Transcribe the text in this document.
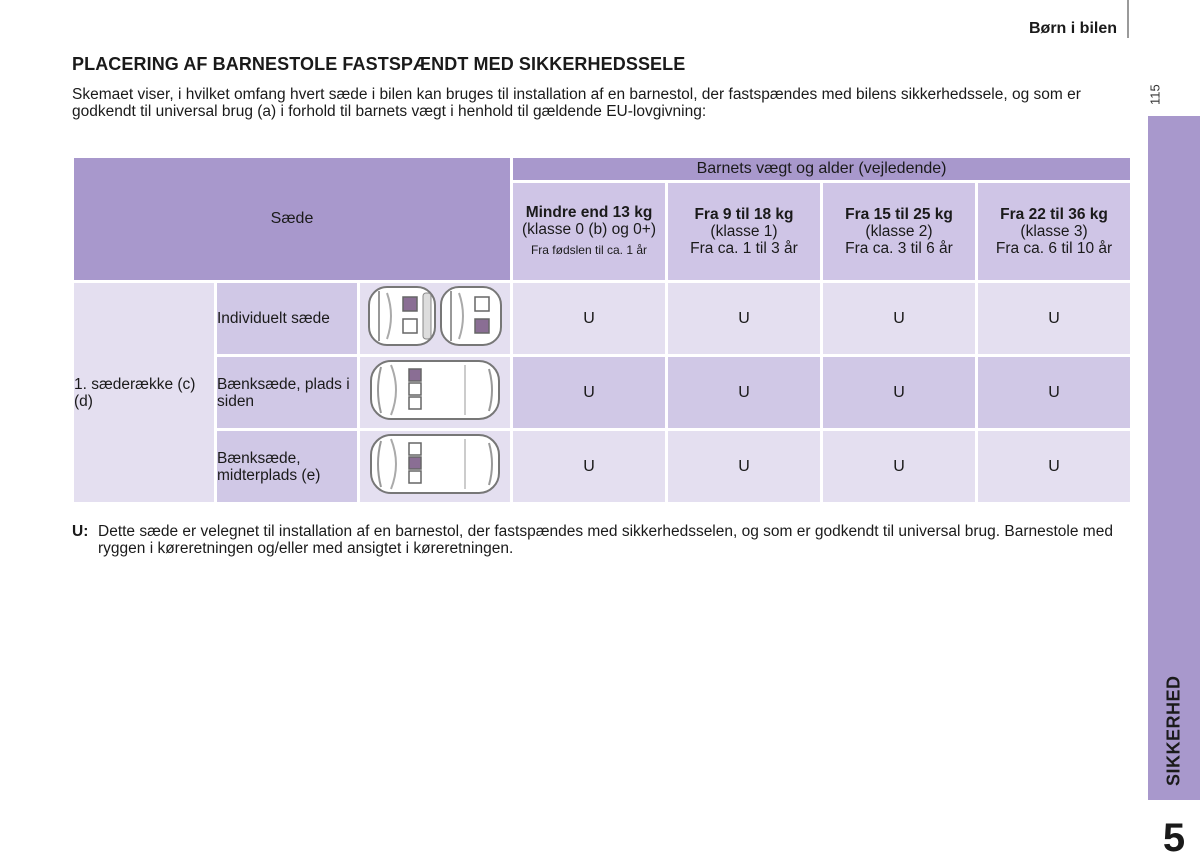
Børn i bilen
115
SIKKERHED
5
PLACERING AF BARNESTOLE FASTSPÆNDT MED SIKKERHEDSSELE
Skemaet viser, i hvilket omfang hvert sæde i bilen kan bruges til installation af en barnestol, der fastspændes med bilens sikkerhedssele, og som er godkendt til universal brug (a) i forhold til barnets vægt i henhold til gældende EU-lovgivning:
Sæde			Barnets vægt og alder (vejledende)			

			Mindre end 13 kg
(klasse 0 (b) og 0+)
Fra fødslen til ca. 1 år	Fra 9 til 18 kg
(klasse 1)
Fra ca. 1 til 3 år	Fra 15 til 25 kg
(klasse 2)
Fra ca. 3 til 6 år	Fra 22 til 36 kg
(klasse 3)
Fra ca. 6 til 10 år

1. sæderække (c) (d)	Individuelt sæde		U	U	U	U
	Bænksæde, plads i siden		U	U	U	U
	Bænksæde, midterplads (e)		U	U	U	U
U: Dette sæde er velegnet til installation af en barnestol, der fastspændes med sikkerhedsselen, og som er godkendt til universal brug. Barnestole med ryggen i køreretningen og/eller med ansigtet i køreretningen.
